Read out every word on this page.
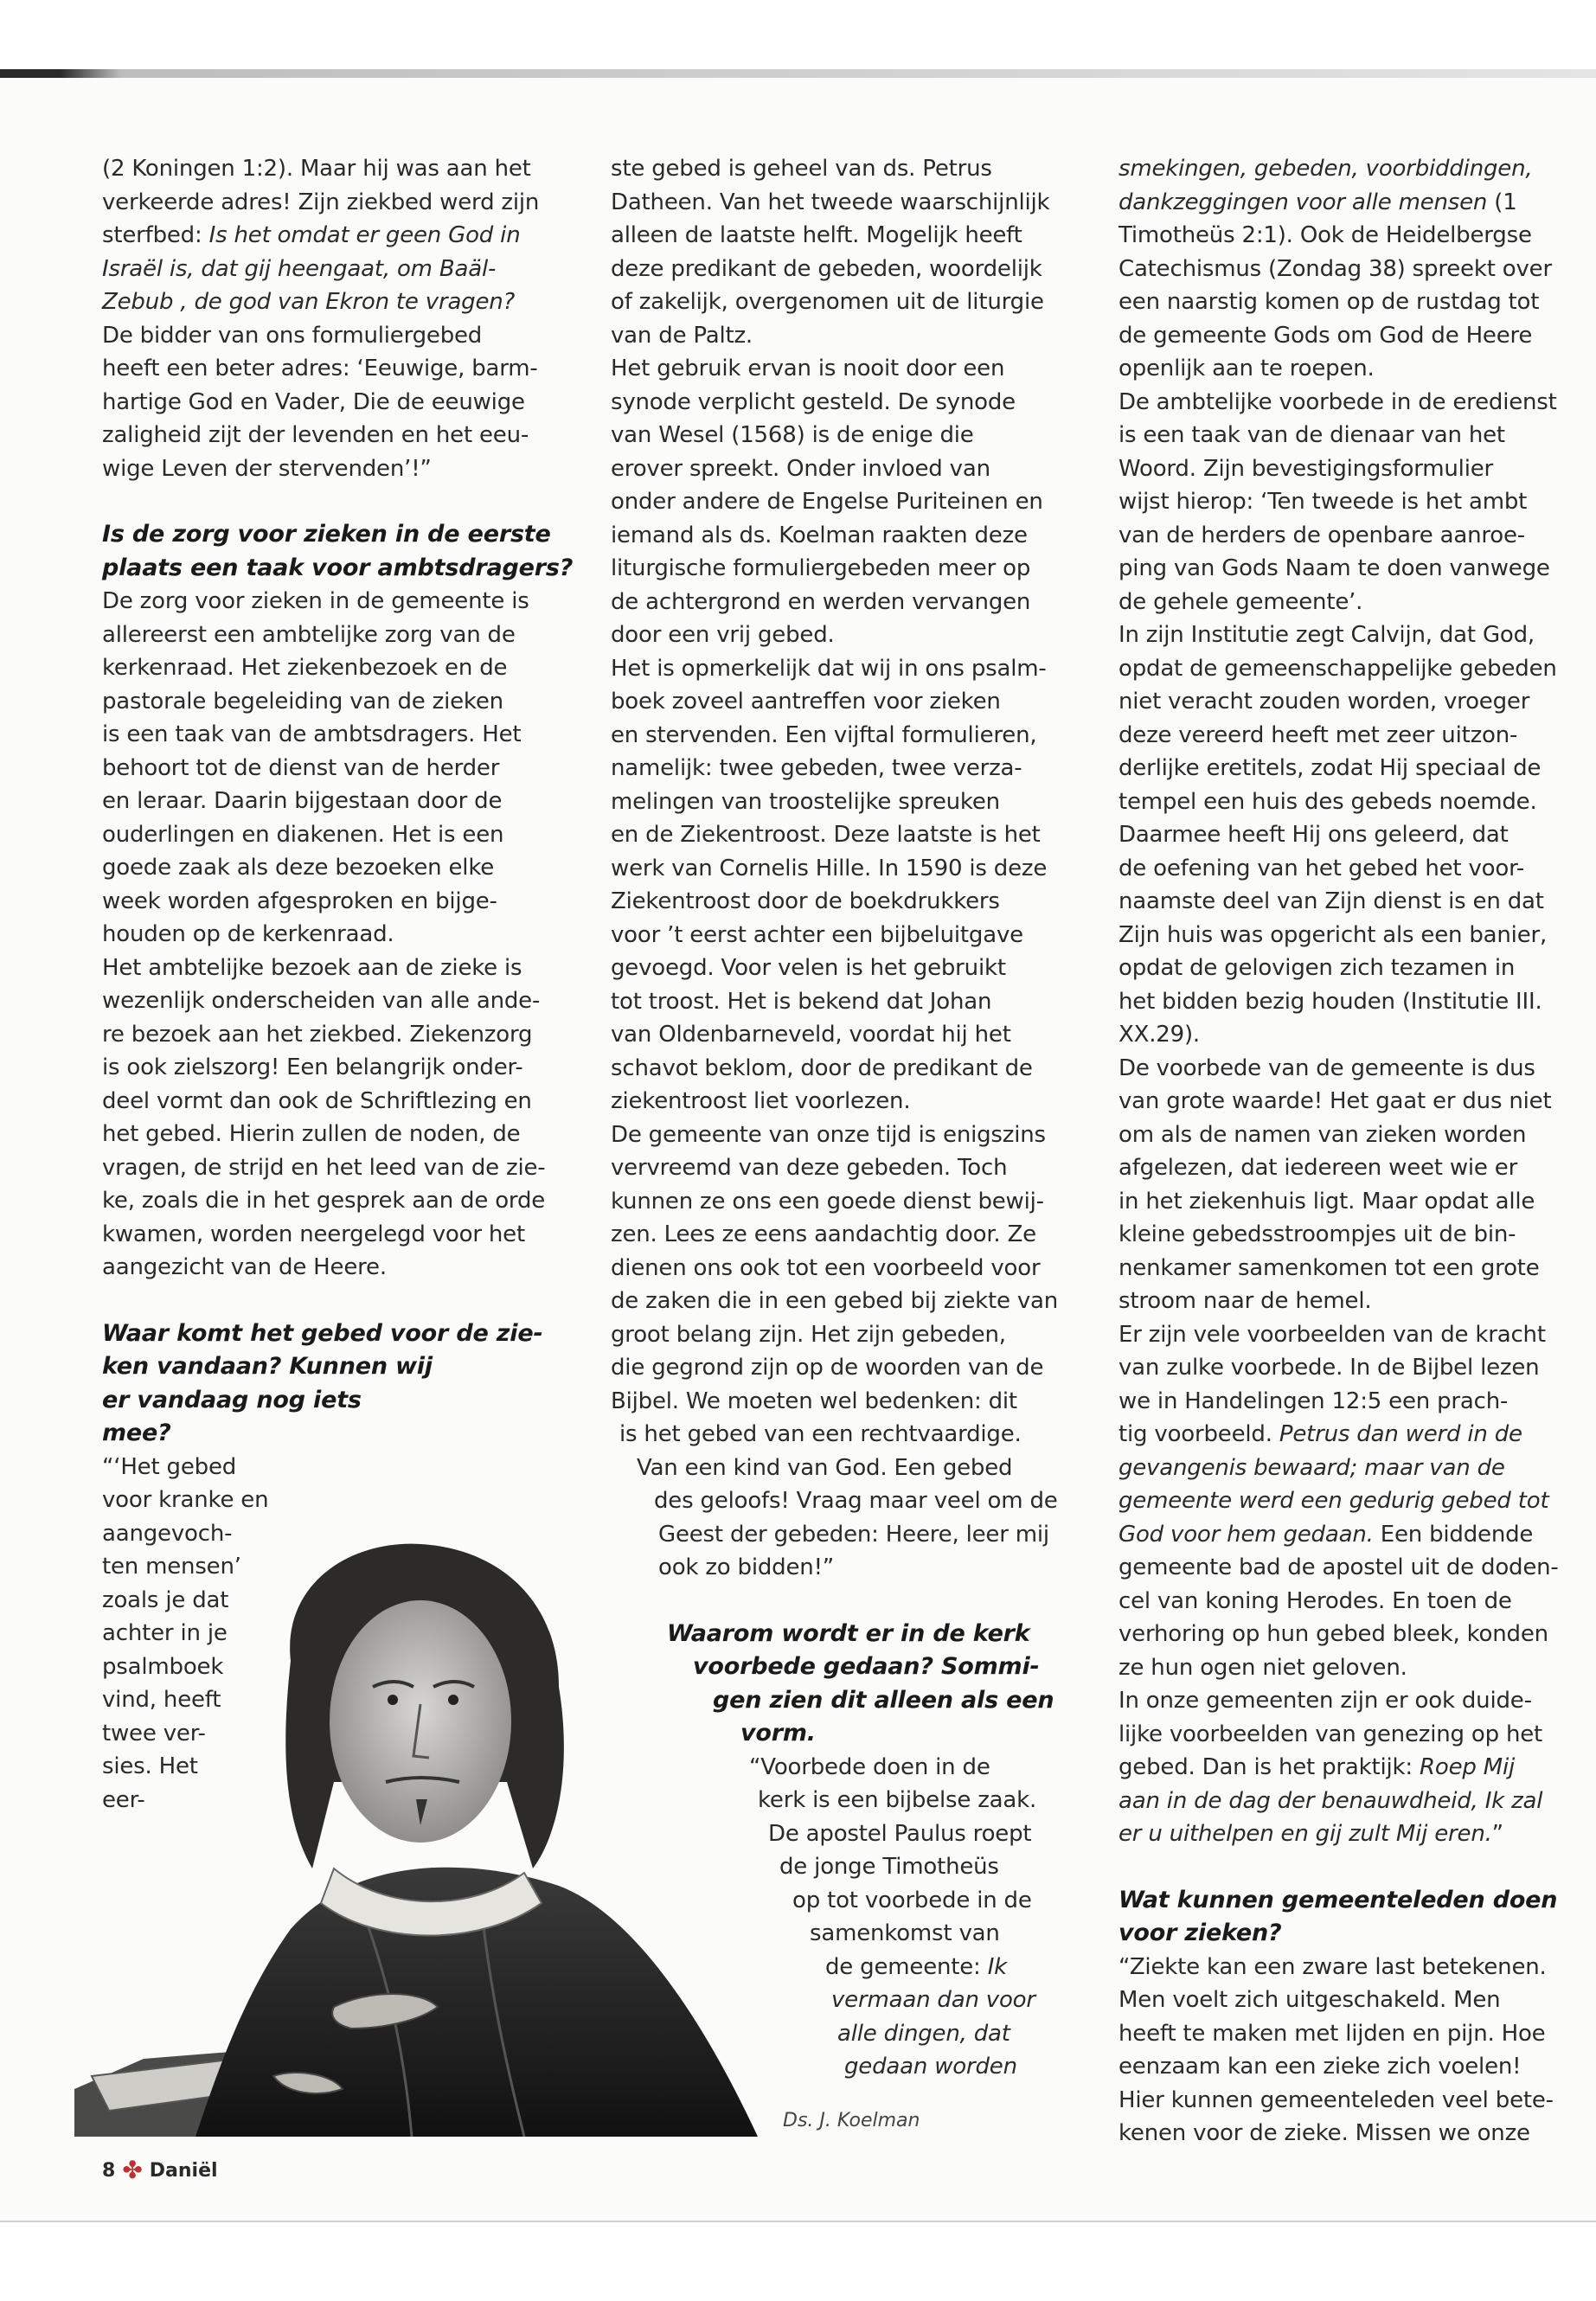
(2 Koningen 1:2). Maar hij was aan het
verkeerde adres! Zijn ziekbed werd zijn
sterfbed: Is het omdat er geen God in
Israël is, dat gij heengaat, om Baäl-
Zebub , de god van Ekron te vragen?
De bidder van ons formuliergebed
heeft een beter adres: ‘Eeuwige, barm-
hartige God en Vader, Die de eeuwige
zaligheid zijt der levenden en het eeu-
wige Leven der stervenden’!”
Is de zorg voor zieken in de eerste
plaats een taak voor ambtsdragers?
De zorg voor zieken in de gemeente is
allereerst een ambtelijke zorg van de
kerkenraad. Het ziekenbezoek en de
pastorale begeleiding van de zieken
is een taak van de ambtsdragers. Het
behoort tot de dienst van de herder
en leraar. Daarin bijgestaan door de
ouderlingen en diakenen. Het is een
goede zaak als deze bezoeken elke
week worden afgesproken en bijge-
houden op de kerkenraad.
Het ambtelijke bezoek aan de zieke is
wezenlijk onderscheiden van alle ande-
re bezoek aan het ziekbed. Ziekenzorg
is ook zielszorg! Een belangrijk onder-
deel vormt dan ook de Schriftlezing en
het gebed. Hierin zullen de noden, de
vragen, de strijd en het leed van de zie-
ke, zoals die in het gesprek aan de orde
kwamen, worden neergelegd voor het
aangezicht van de Heere.
Waar komt het gebed voor de zie-
ken vandaan? Kunnen wij
er vandaag nog iets
mee?
“‘Het gebed
voor kranke en
aangevoch-
ten mensen’
zoals je dat
achter in je
psalmboek
vind, heeft
twee ver-
sies. Het
eer-
ste gebed is geheel van ds. Petrus
Datheen. Van het tweede waarschijnlijk
alleen de laatste helft. Mogelijk heeft
deze predikant de gebeden, woordelijk
of zakelijk, overgenomen uit de liturgie
van de Paltz.
Het gebruik ervan is nooit door een
synode verplicht gesteld. De synode
van Wesel (1568) is de enige die
erover spreekt. Onder invloed van
onder andere de Engelse Puriteinen en
iemand als ds. Koelman raakten deze
liturgische formuliergebeden meer op
de achtergrond en werden vervangen
door een vrij gebed.
Het is opmerkelijk dat wij in ons psalm-
boek zoveel aantreffen voor zieken
en stervenden. Een vijftal formulieren,
namelijk: twee gebeden, twee verza-
melingen van troostelijke spreuken
en de Ziekentroost. Deze laatste is het
werk van Cornelis Hille. In 1590 is deze
Ziekentroost door de boekdrukkers
voor ’t eerst achter een bijbeluitgave
gevoegd. Voor velen is het gebruikt
tot troost. Het is bekend dat Johan
van Oldenbarneveld, voordat hij het
schavot beklom, door de predikant de
ziekentroost liet voorlezen.
De gemeente van onze tijd is enigszins
vervreemd van deze gebeden. Toch
kunnen ze ons een goede dienst bewij-
zen. Lees ze eens aandachtig door. Ze
dienen ons ook tot een voorbeeld voor
de zaken die in een gebed bij ziekte van
groot belang zijn. Het zijn gebeden,
die gegrond zijn op de woorden van de
Bijbel. We moeten wel bedenken: dit
is het gebed van een rechtvaardige.
Van een kind van God. Een gebed
des geloofs! Vraag maar veel om de
Geest der gebeden: Heere, leer mij
ook zo bidden!”
Waarom wordt er in de kerk
voorbede gedaan? Sommi-
gen zien dit alleen als een
vorm.
“Voorbede doen in de
kerk is een bijbelse zaak.
De apostel Paulus roept
de jonge Timotheüs
op tot voorbede in de
samenkomst van
de gemeente: Ik
vermaan dan voor
alle dingen, dat
gedaan worden
Ds. J. Koelman
smekingen, gebeden, voorbiddingen,
dankzeggingen voor alle mensen (1
Timotheüs 2:1). Ook de Heidelbergse
Catechismus (Zondag 38) spreekt over
een naarstig komen op de rustdag tot
de gemeente Gods om God de Heere
openlijk aan te roepen.
De ambtelijke voorbede in de eredienst
is een taak van de dienaar van het
Woord. Zijn bevestigingsformulier
wijst hierop: ‘Ten tweede is het ambt
van de herders de openbare aanroe-
ping van Gods Naam te doen vanwege
de gehele gemeente’.
In zijn Institutie zegt Calvijn, dat God,
opdat de gemeenschappelijke gebeden
niet veracht zouden worden, vroeger
deze vereerd heeft met zeer uitzon-
derlijke eretitels, zodat Hij speciaal de
tempel een huis des gebeds noemde.
Daarmee heeft Hij ons geleerd, dat
de oefening van het gebed het voor-
naamste deel van Zijn dienst is en dat
Zijn huis was opgericht als een banier,
opdat de gelovigen zich tezamen in
het bidden bezig houden (Institutie III.
XX.29).
De voorbede van de gemeente is dus
van grote waarde! Het gaat er dus niet
om als de namen van zieken worden
afgelezen, dat iedereen weet wie er
in het ziekenhuis ligt. Maar opdat alle
kleine gebedsstroompjes uit de bin-
nenkamer samenkomen tot een grote
stroom naar de hemel.
Er zijn vele voorbeelden van de kracht
van zulke voorbede. In de Bijbel lezen
we in Handelingen 12:5 een prach-
tig voorbeeld. Petrus dan werd in de
gevangenis bewaard; maar van de
gemeente werd een gedurig gebed tot
God voor hem gedaan. Een biddende
gemeente bad de apostel uit de doden-
cel van koning Herodes. En toen de
verhoring op hun gebed bleek, konden
ze hun ogen niet geloven.
In onze gemeenten zijn er ook duide-
lijke voorbeelden van genezing op het
gebed. Dan is het praktijk: Roep Mij
aan in de dag der benauwdheid, Ik zal
er u uithelpen en gij zult Mij eren.”
Wat kunnen gemeenteleden doen
voor zieken?
“Ziekte kan een zware last betekenen.
Men voelt zich uitgeschakeld. Men
heeft te maken met lijden en pijn. Hoe
eenzaam kan een zieke zich voelen!
Hier kunnen gemeenteleden veel bete-
kenen voor de zieke. Missen we onze
8 ✤ Daniël
